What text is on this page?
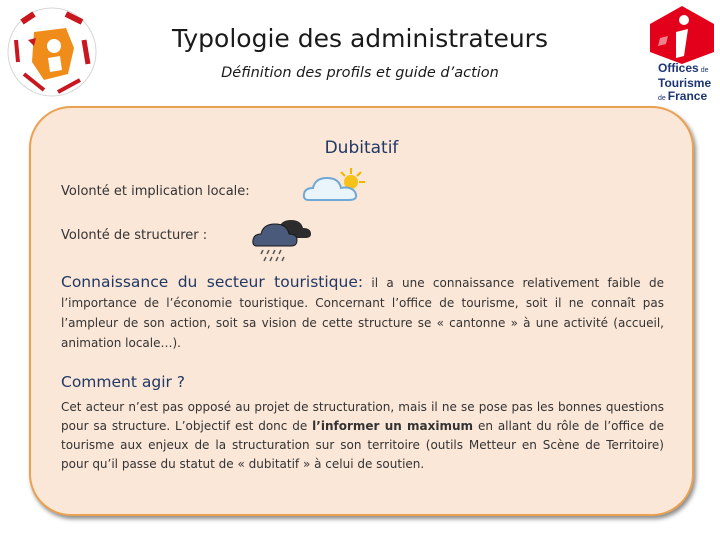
Typologie des administrateurs
Définition des profils et guide d’action	Offices de
Tourisme
de France
Dubitatif
Volonté et implication locale:
Volonté de structurer :
Connaissance du secteur touristique: il a une connaissance relativement faible de l’importance de l’économie touristique. Concernant l’office de tourisme, soit il ne connaît pas l’ampleur de son action, soit sa vision de cette structure se « cantonne » à une activité (accueil, animation locale…).
Comment agir ?
Cet acteur n’est pas opposé au projet de structuration, mais il ne se pose pas les bonnes questions pour sa structure. L’objectif est donc de l’informer un maximum en allant du rôle de l’office de tourisme aux enjeux de la structuration sur son territoire (outils Metteur en Scène de Territoire) pour qu’il passe du statut de « dubitatif » à celui de soutien.
